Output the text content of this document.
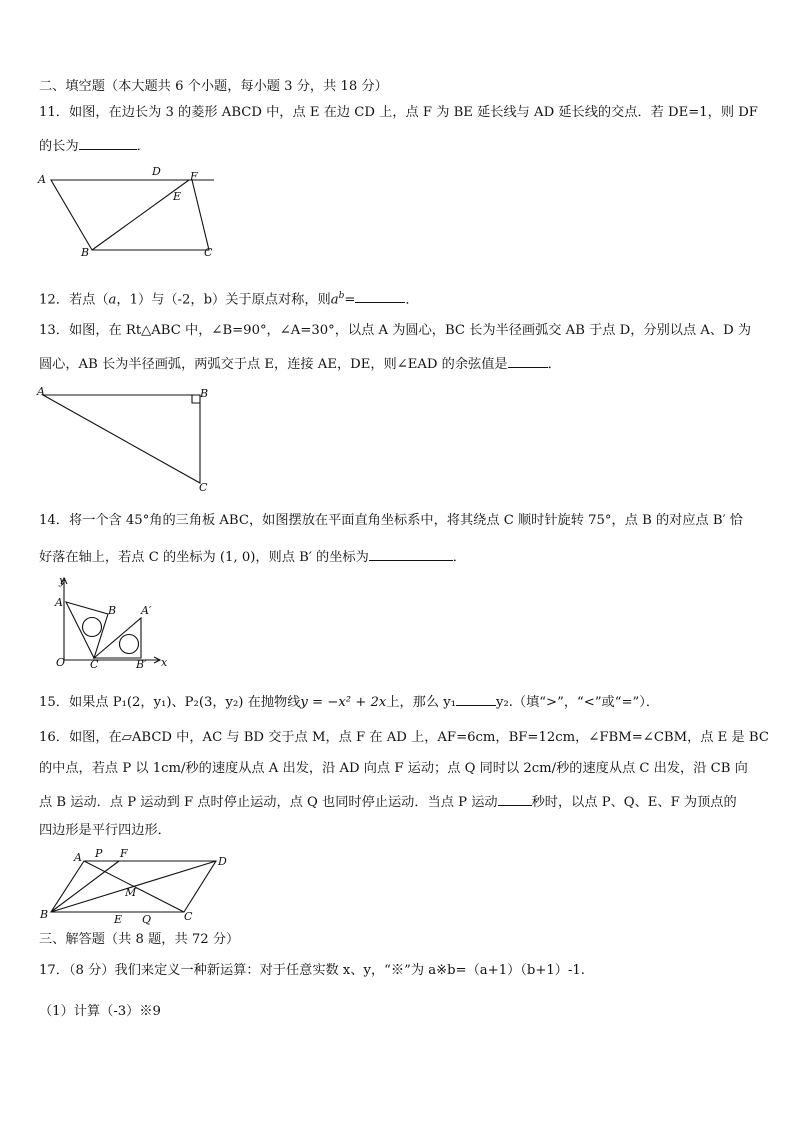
二、填空题（本大题共 6 个小题，每小题 3 分，共 18 分）
11．如图，在边长为 3 的菱形 ABCD 中，点 E 在边 CD 上，点 F 为 BE 延长线与 AD 延长线的交点．若 DE=1，则 DF
的长为	．
A
D	F
E
B	C
12．若点（a，1）与（-2，b）关于原点对称，则$a^b=$	．
13．如图，在 Rt△ABC 中，∠B=90°，∠A=30°，以点 A 为圆心，BC 长为半径画弧交 AB 于点 D，分别以点 A、D 为
圆心，AB 长为半径画弧，两弧交于点 E，连接 AE，DE，则∠EAD 的余弦值是	．
A	B
C
14．将一个含 45°角的三角板 ABC，如图摆放在平面直角坐标系中，将其绕点 C 顺时针旋转 75°，点 B 的对应点 B′ 恰
好落在轴上，若点 C 的坐标为 (1, 0)，则点 B′ 的坐标为	．
y
x
O
A
B
C
A′
B′
15．如果点 P₁(2，y₁)、P₂(3，y₂) 在抛物线y = −x² + 2x上，那么 y₁	y₂.（填“>”，“<”或“=”）．
16．如图，在▱ABCD 中，AC 与 BD 交于点 M，点 F 在 AD 上，AF=6cm，BF=12cm，∠FBM=∠CBM，点 E 是 BC
的中点，若点 P 以 1cm/秒的速度从点 A 出发，沿 AD 向点 F 运动；点 Q 同时以 2cm/秒的速度从点 C 出发，沿 CB 向
点 B 运动．点 P 运动到 F 点时停止运动，点 Q 也同时停止运动．当点 P 运动	秒时，以点 P、Q、E、F 为顶点的
四边形是平行四边形．
A P F
D
M
B	E Q	C
三、解答题（共 8 题，共 72 分）
17．（8 分）我们来定义一种新运算：对于任意实数 x、y，“※”为 a※b=（a+1）（b+1）-1.
（1）计算（-3）※9
